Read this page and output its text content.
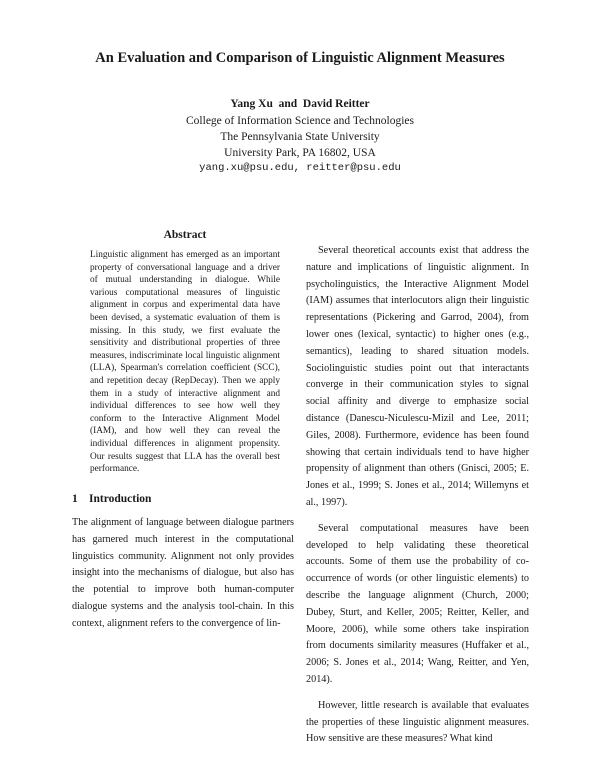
An Evaluation and Comparison of Linguistic Alignment Measures
Yang Xu  and  David Reitter
College of Information Science and Technologies
The Pennsylvania State University
University Park, PA 16802, USA
yang.xu@psu.edu, reitter@psu.edu
Abstract

Linguistic alignment has emerged as an important property of conversational language and a driver of mutual understanding in dialogue. While various computational measures of linguistic alignment in corpus and experimental data have been devised, a systematic evaluation of them is missing. In this study, we first evaluate the sensitivity and distributional properties of three measures, indiscriminate local linguistic alignment (LLA), Spearman's correlation coefficient (SCC), and repetition decay (RepDecay). Then we apply them in a study of interactive alignment and individual differences to see how well they conform to the Interactive Alignment Model (IAM), and how well they can reveal the individual differences in alignment propensity. Our results suggest that LLA has the overall best performance.

1 Introduction

The alignment of language between dialogue partners has garnered much interest in the computational linguistics community. Alignment not only provides insight into the mechanisms of dialogue, but also has the potential to improve both human-computer dialogue systems and the analysis tool-chain. In this context, alignment refers to the convergence of lin-

Several theoretical accounts exist that address the nature and implications of linguistic alignment. In psycholinguistics, the Interactive Alignment Model (IAM) assumes that interlocutors align their linguistic representations (Pickering and Garrod, 2004), from lower ones (lexical, syntactic) to higher ones (e.g., semantics), leading to shared situation models. Sociolinguistic studies point out that interactants converge in their communication styles to signal social affinity and diverge to emphasize social distance (Danescu-Niculescu-Mizil and Lee, 2011; Giles, 2008). Furthermore, evidence has been found showing that certain individuals tend to have higher propensity of alignment than others (Gnisci, 2005; E. Jones et al., 1999; S. Jones et al., 2014; Willemyns et al., 1997).

Several computational measures have been developed to help validating these theoretical accounts. Some of them use the probability of co-occurrence of words (or other linguistic elements) to describe the language alignment (Church, 2000; Dubey, Sturt, and Keller, 2005; Reitter, Keller, and Moore, 2006), while some others take inspiration from documents similarity measures (Huffaker et al., 2006; S. Jones et al., 2014; Wang, Reitter, and Yen, 2014).

However, little research is available that evaluates the properties of these linguistic alignment measures. How sensitive are these measures? What kind
